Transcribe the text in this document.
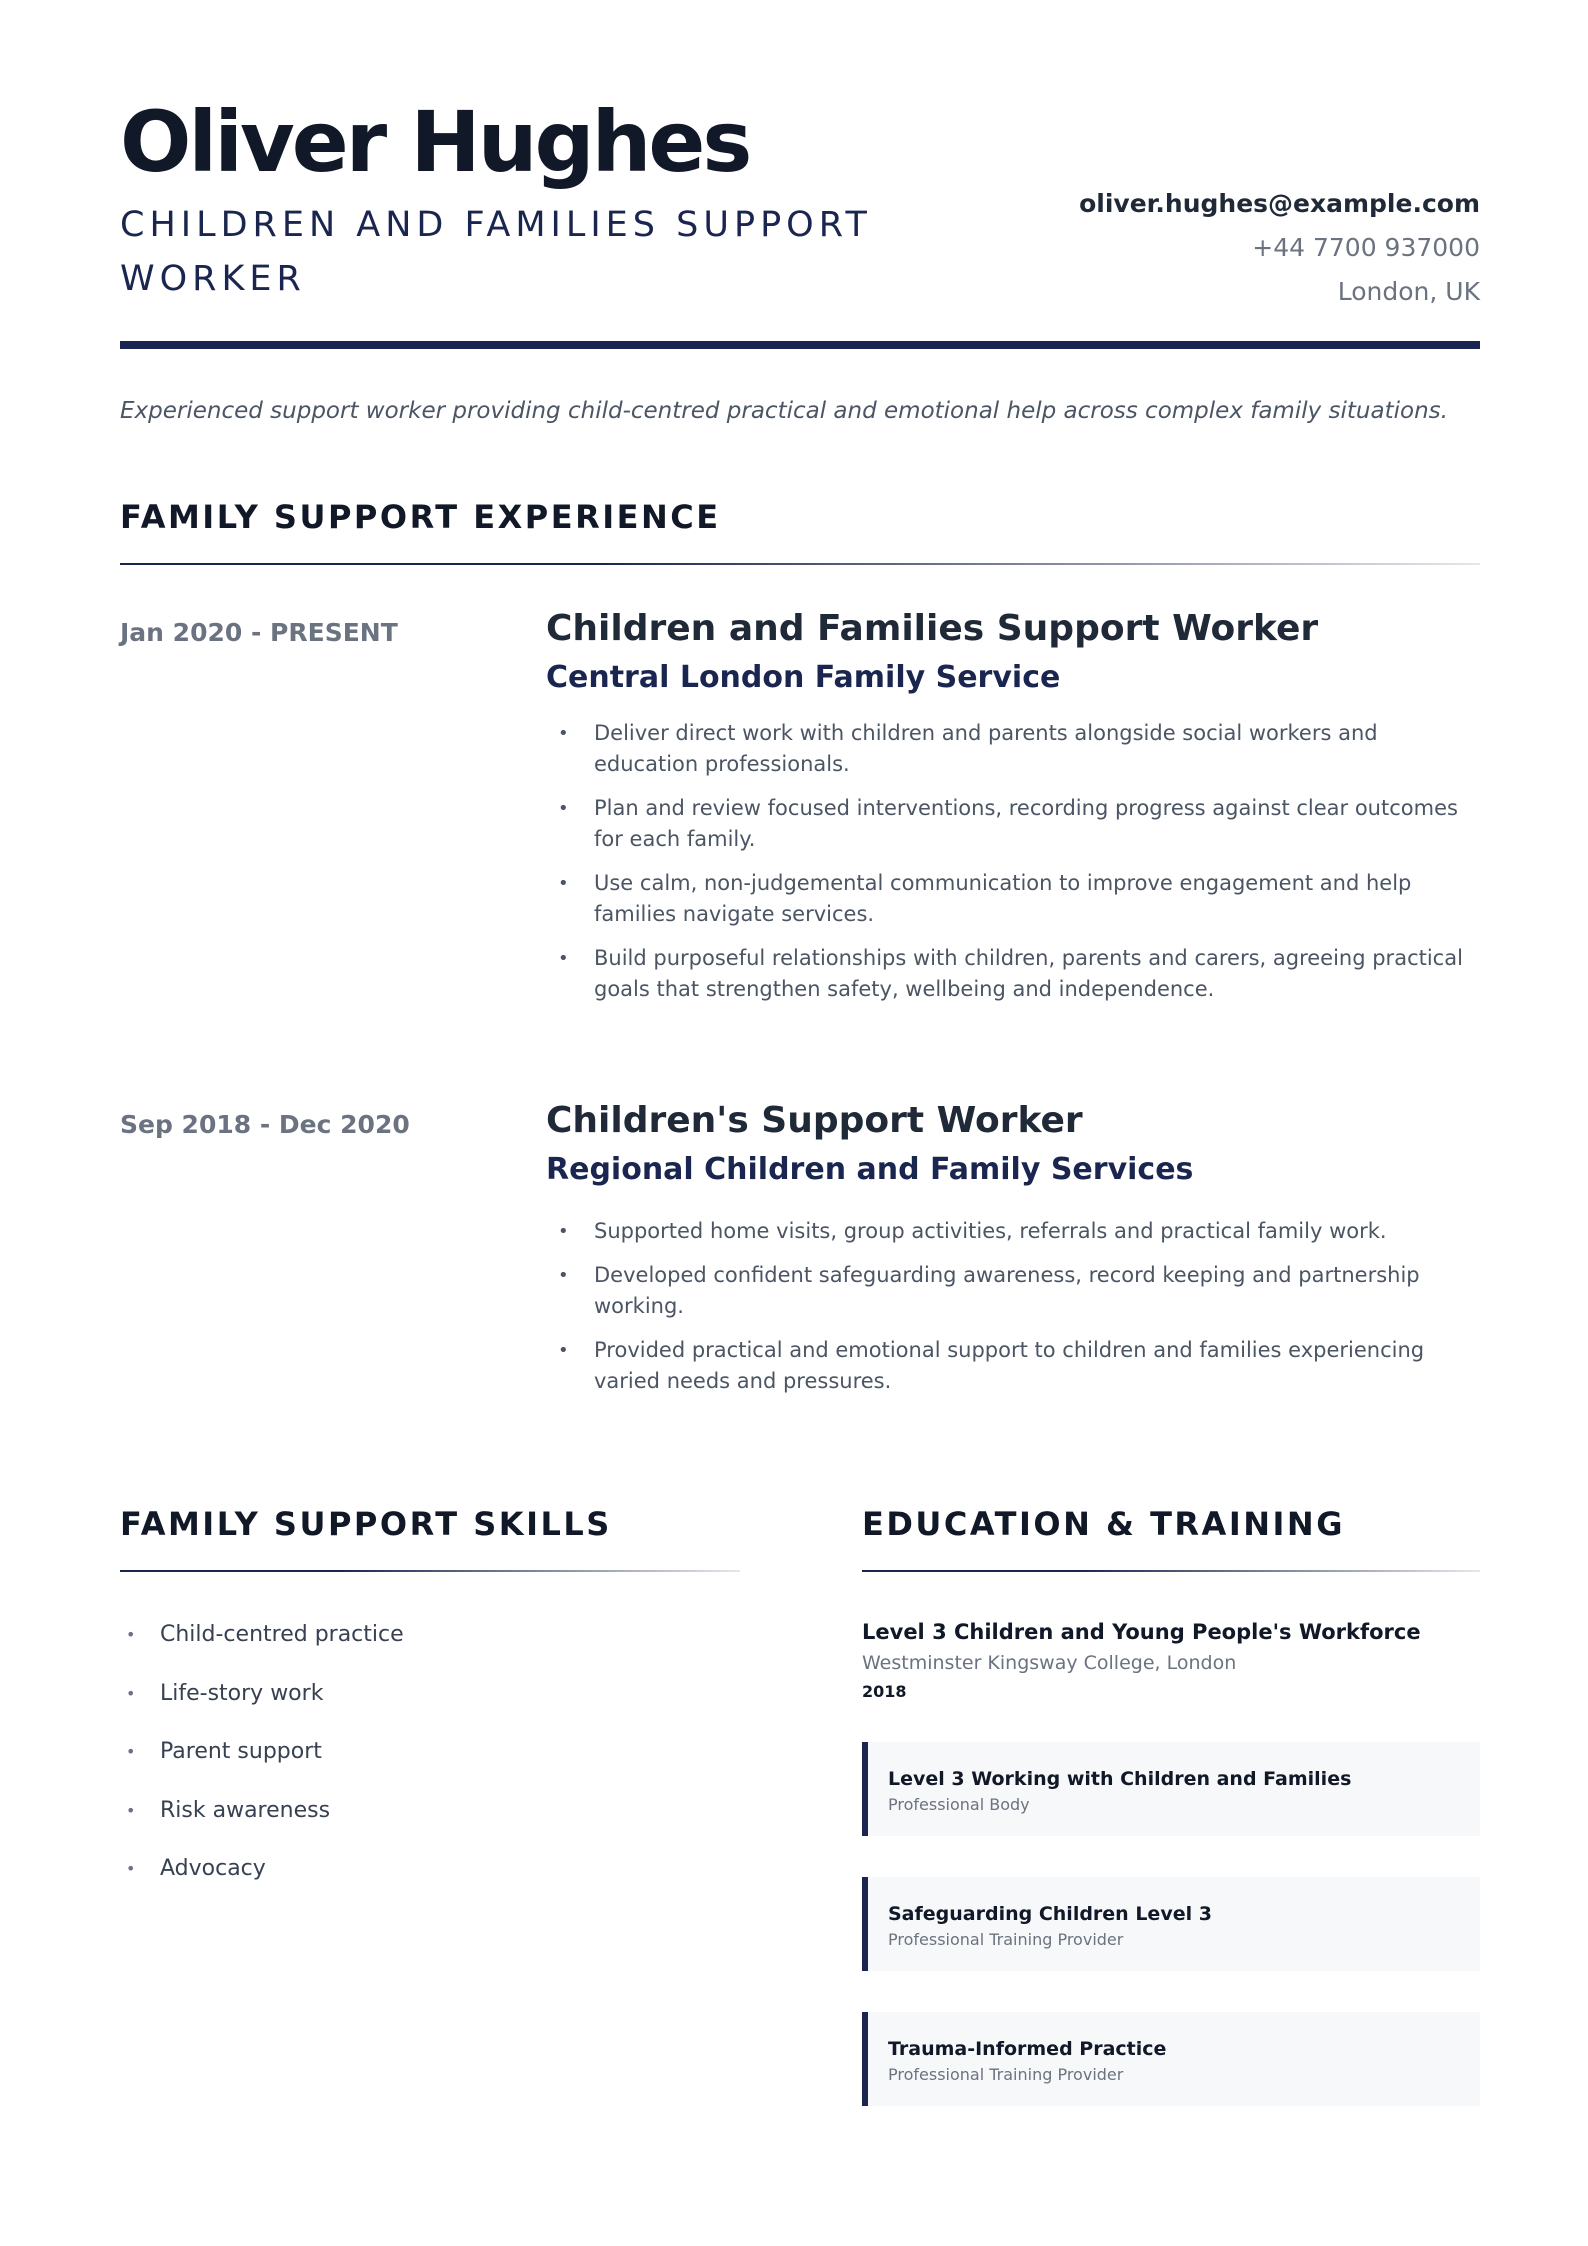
Oliver Hughes
CHILDREN AND FAMILIES SUPPORT WORKER
oliver.hughes@example.com
+44 7700 937000
London, UK

Experienced support worker providing child-centred practical and emotional help across complex family situations.

FAMILY SUPPORT EXPERIENCE
Jan 2020 - PRESENT	Children and Families Support Worker
Central London Family Service
• Deliver direct work with children and parents alongside social workers and education professionals.
• Plan and review focused interventions, recording progress against clear outcomes for each family.
• Use calm, non-judgemental communication to improve engagement and help families navigate services.
• Build purposeful relationships with children, parents and carers, agreeing practical goals that strengthen safety, wellbeing and independence.
Sep 2018 - Dec 2020	Children's Support Worker
Regional Children and Family Services
• Supported home visits, group activities, referrals and practical family work.
• Developed confident safeguarding awareness, record keeping and partnership working.
• Provided practical and emotional support to children and families experiencing varied needs and pressures.
FAMILY SUPPORT SKILLS
• Child-centred practice
• Life-story work
• Parent support
• Risk awareness
• Advocacy
EDUCATION & TRAINING
Level 3 Children and Young People's Workforce
Westminster Kingsway College, London
2018
Level 3 Working with Children and Families
Professional Body
Safeguarding Children Level 3
Professional Training Provider
Trauma-Informed Practice
Professional Training Provider
